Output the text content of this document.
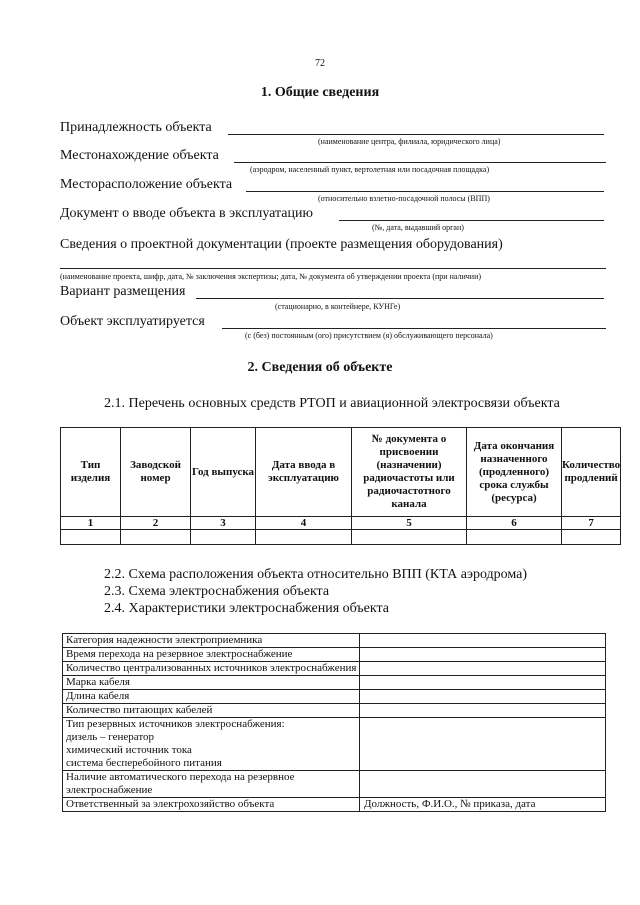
72
1. Общие сведения
Принадлежность объекта
(наименование центра, филиала, юридического лица)
Местонахождение объекта
(аэродром, населенный пункт, вертолетная или посадочная площадка)
Месторасположение объекта
(относительно взлетно-посадочной полосы (ВПП)
Документ о вводе объекта в эксплуатацию
(№, дата, выдавший орган)
Сведения о проектной документации (проекте размещения оборудования)
(наименование проекта, шифр, дата, № заключения экспертизы; дата, № документа об утверждении проекта (при наличии)
Вариант размещения
(стационарно, в контейнере, КУНГе)
Объект эксплуатируется
(с (без) постоянным (ого) присутствием (я) обслуживающего персонала)
2. Сведения об объекте
2.1. Перечень основных средств РТОП и авиационной электросвязи объекта
Тип изделия	Заводской номер	Год выпуска	Дата ввода в эксплуатацию	№ документа о присвоении (назначении) радиочастоты или радиочастотного канала	Дата окончания назначенного (продленного) срока службы (ресурса)	Количество продлений
1	2	3	4	5	6	7

2.2. Схема расположения объекта относительно ВПП (КТА аэродрома)
2.3. Схема электроснабжения объекта
2.4. Характеристики электроснабжения объекта
Категория надежности электроприемника	
Время перехода на резервное электроснабжение	
Количество централизованных источников электроснабжения	
Марка кабеля	
Длина кабеля	
Количество питающих кабелей	

Тип резервных источников электроснабжения:
дизель – генератор
химический источник тока
система бесперебойного питания	

Наличие автоматического перехода на резервное электроснабжение	
Ответственный за электрохозяйство объекта	Должность, Ф.И.О., № приказа, дата
